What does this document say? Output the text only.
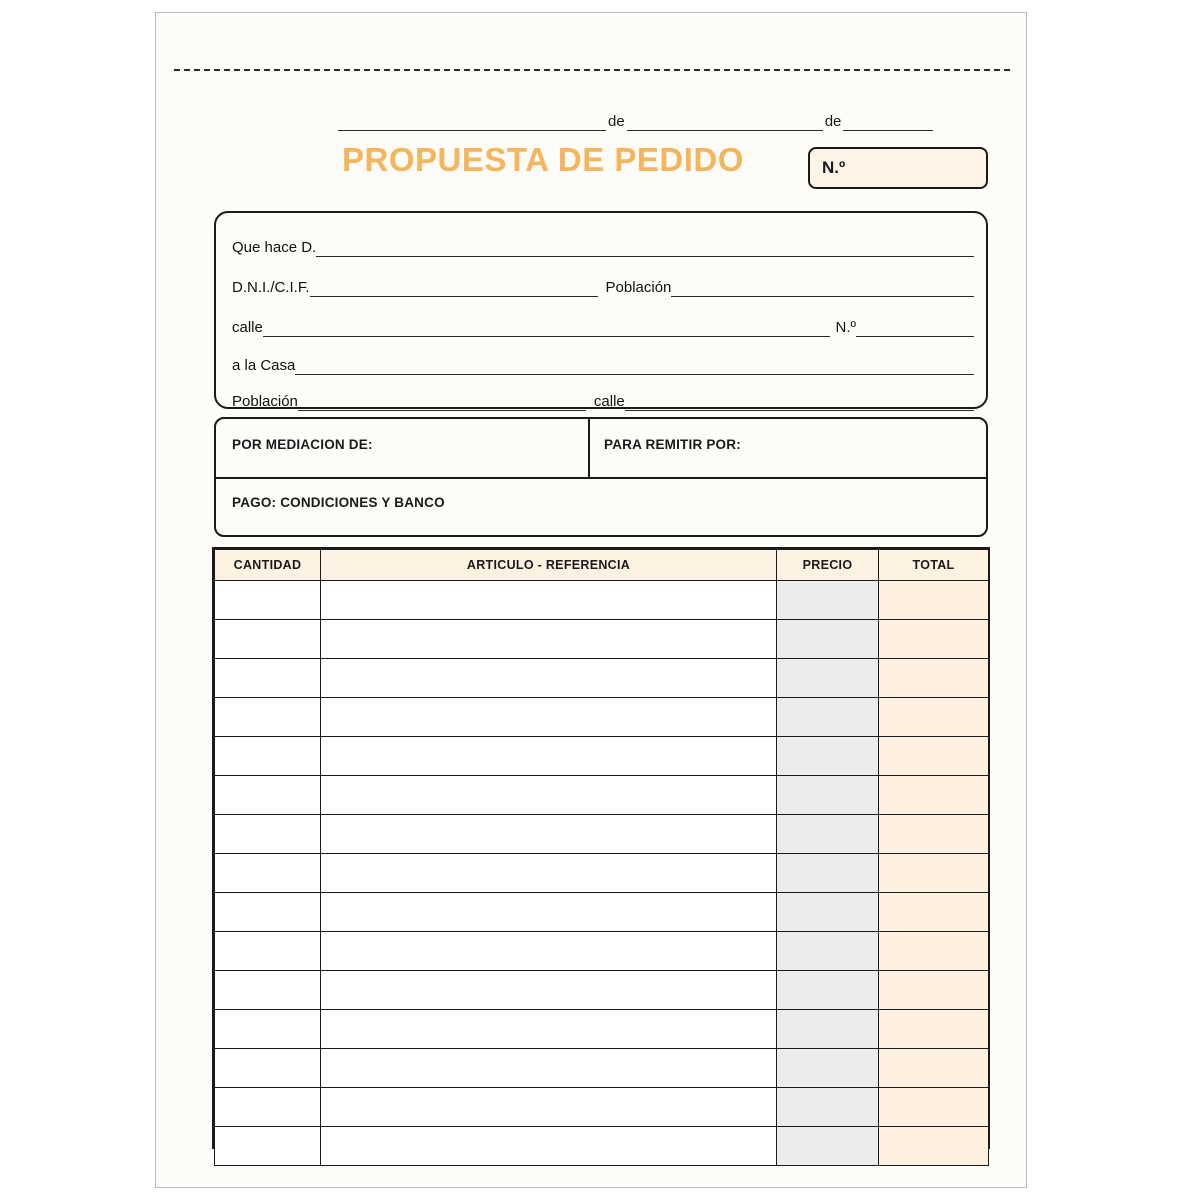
de	de
PROPUESTA DE PEDIDO	N.º
Que hace D.
D.N.I./C.I.F.	Población
calle	N.º
a la Casa
Población	calle
POR MEDIACION DE:	PARA REMITIR POR:
PAGO: CONDICIONES Y BANCO
CANTIDAD	ARTICULO - REFERENCIA	PRECIO	TOTAL
